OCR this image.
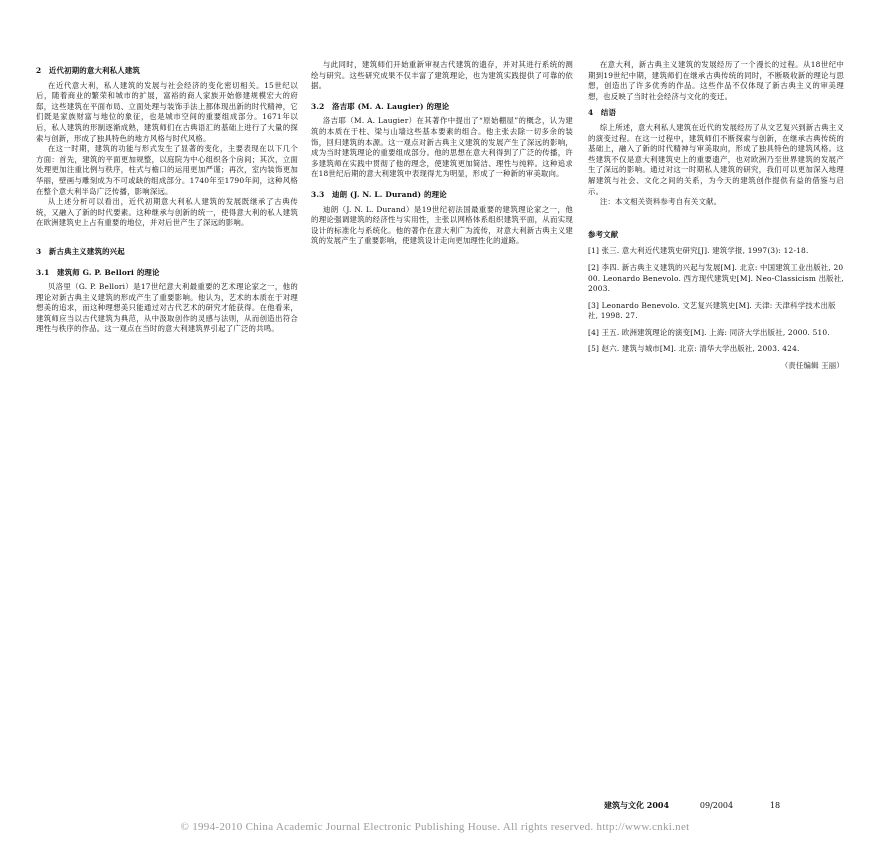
2　近代初期的意大利私人建筑

在近代意大利，私人建筑的发展与社会经济的变化密切相关。15世纪以后，随着商业的繁荣和城市的扩展，富裕的商人家族开始修建规模宏大的府邸，这些建筑在平面布局、立面处理与装饰手法上都体现出新的时代精神，它们既是家族财富与地位的象征，也是城市空间的重要组成部分。1671年以后，私人建筑的形制逐渐成熟，建筑师们在古典语汇的基础上进行了大量的探索与创新，形成了独具特色的地方风格与时代风格。

在这一时期，建筑的功能与形式发生了显著的变化，主要表现在以下几个方面：首先，建筑的平面更加规整，以庭院为中心组织各个房间；其次，立面处理更加注重比例与秩序，柱式与檐口的运用更加严谨；再次，室内装饰更加华丽，壁画与雕刻成为不可或缺的组成部分。1740年至1790年间，这种风格在整个意大利半岛广泛传播，影响深远。

从上述分析可以看出，近代初期意大利私人建筑的发展既继承了古典传统，又融入了新的时代要素。这种继承与创新的统一，使得意大利的私人建筑在欧洲建筑史上占有重要的地位，并对后世产生了深远的影响。

3　新古典主义建筑的兴起
3.1　建筑师 G. P. Bellori 的理论

贝洛里（G. P. Bellori）是17世纪意大利最重要的艺术理论家之一，他的理论对新古典主义建筑的形成产生了重要影响。他认为，艺术的本质在于对理想美的追求，而这种理想美只能通过对古代艺术的研究才能获得。在他看来，建筑师应当以古代建筑为典范，从中汲取创作的灵感与法则，从而创造出符合理性与秩序的作品。这一观点在当时的意大利建筑界引起了广泛的共鸣。

与此同时，建筑师们开始重新审视古代建筑的遗存，并对其进行系统的测绘与研究。这些研究成果不仅丰富了建筑理论，也为建筑实践提供了可靠的依据。

3.2　洛吉耶 (M. A. Laugier) 的理论

洛吉耶（M. A. Laugier）在其著作中提出了“原始棚屋”的概念，认为建筑的本质在于柱、梁与山墙这些基本要素的组合。他主张去除一切多余的装饰，回归建筑的本源。这一观点对新古典主义建筑的发展产生了深远的影响，成为当时建筑理论的重要组成部分。他的思想在意大利得到了广泛的传播，许多建筑师在实践中贯彻了他的理念，使建筑更加简洁、理性与纯粹。这种追求在18世纪后期的意大利建筑中表现得尤为明显，形成了一种新的审美取向。

3.3　迪朗 (J. N. L. Durand) 的理论

迪朗（J. N. L. Durand）是19世纪初法国最重要的建筑理论家之一，他的理论强调建筑的经济性与实用性，主张以网格体系组织建筑平面，从而实现设计的标准化与系统化。他的著作在意大利广为流传，对意大利新古典主义建筑的发展产生了重要影响，使建筑设计走向更加理性化的道路。

在意大利，新古典主义建筑的发展经历了一个漫长的过程。从18世纪中期到19世纪中期，建筑师们在继承古典传统的同时，不断吸收新的理论与思想，创造出了许多优秀的作品。这些作品不仅体现了新古典主义的审美理想，也反映了当时社会经济与文化的变迁。

4　结语

综上所述，意大利私人建筑在近代的发展经历了从文艺复兴到新古典主义的演变过程。在这一过程中，建筑师们不断探索与创新，在继承古典传统的基础上，融入了新的时代精神与审美取向，形成了独具特色的建筑风格。这些建筑不仅是意大利建筑史上的重要遗产，也对欧洲乃至世界建筑的发展产生了深远的影响。通过对这一时期私人建筑的研究，我们可以更加深入地理解建筑与社会、文化之间的关系，为今天的建筑创作提供有益的借鉴与启示。

注：本文相关资料参考自有关文献。

参考文献
[1] 张三. 意大利近代建筑史研究[J]. 建筑学报, 1997(3): 12-18.
[2] 李四. 新古典主义建筑的兴起与发展[M]. 北京: 中国建筑工业出版社, 2000. Leonardo Benevolo. 西方现代建筑史[M]. Neo-Classicism 出版社, 2003.
[3] Leonardo Benevolo. 文艺复兴建筑史[M]. 天津: 天津科学技术出版社, 1998. 27.
[4] 王五. 欧洲建筑理论的演变[M]. 上海: 同济大学出版社, 2000. 510.
[5] 赵六. 建筑与城市[M]. 北京: 清华大学出版社, 2003. 424.
（责任编辑 王丽）
建筑与文化 2004	09/2004	18
© 1994-2010 China Academic Journal Electronic Publishing House. All rights reserved. http://www.cnki.net
